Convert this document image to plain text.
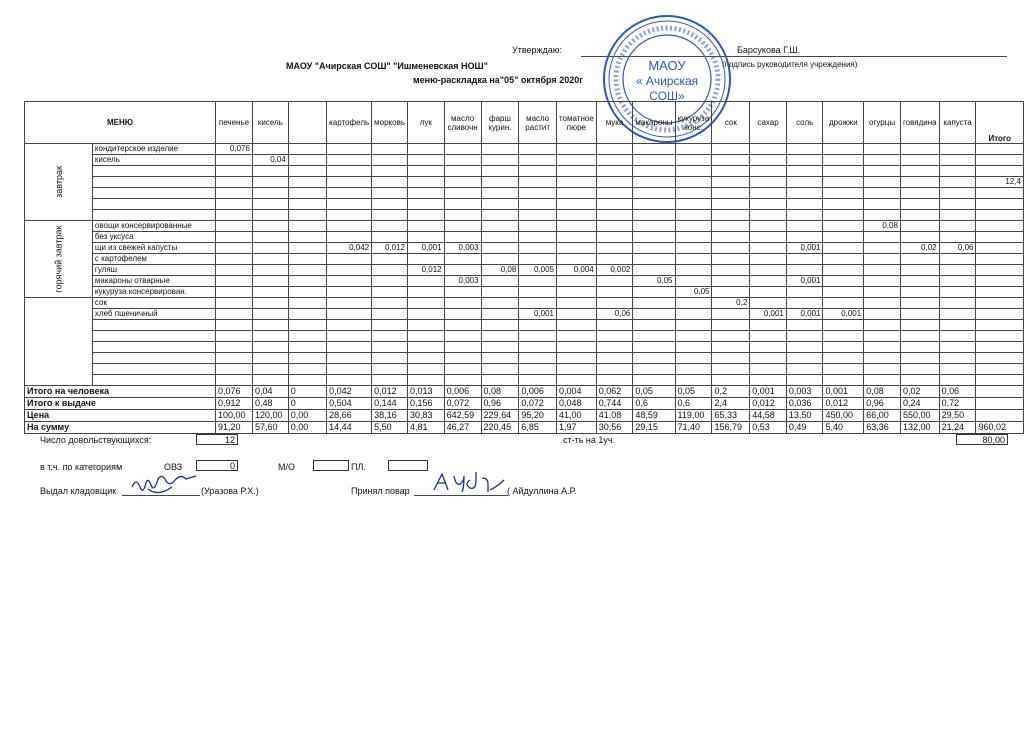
Утверждаю:	Барсукова Г.Ш.
(подпись руководителя учреждения)
МАОУ "Ачирская СОШ" "Ишменевская НОШ"
меню-раскладка на"05" октября 2020г
МАОУ
« Ачирская
СОШ»
МЕНЮ		печенье	кисель		картофель	морковь	лук	масло сливочн	фарш курин.	масло растит	томатное пюре	мука	макароны	кукуруза конс.	сок	сахар	соль	дрожжи	огурцы	говядина	капуста	Итого
завтрак	кондитерское изделие	0,076																				
	кисель		0.04																			

																						12,4

горячий завтрак	овощи консервированные																		0,08			
	без уксуса																					
	щи из свежей капусты				0,042	0,012	0,001	0,003									0,001			0,02	0,06	
	с картофелем																					
	гуляш						0,012		0,08	0,005	0,004	0,002										
	макароны отварные							0,003					0,05				0,001					
	кукуруза консервирован.													0,05								
	сок														0,2							
	хлеб пшеничный									0,001		0,06				0,001	0,001	0,001				

Итого на человека		0,076	0,04	0	0,042	0,012	0,013	0,006	0,08	0,006	0,004	0,062	0,05	0,05	0,2	0,001	0,003	0,001	0,08	0,02	0,06	
Итого к выдаче		0,912	0,48	0	0,504	0,144	0,156	0,072	0,96	0,072	0,048	0,744	0,6	0,6	2,4	0,012	0,036	0,012	0,96	0,24	0,72	
Цена		100,00	120,00	0,00	28,66	38,16	30,83	642,59	229,64	95,20	41,00	41,08	48,59	119,00	65,33	44,58	13,50	450,00	66,00	550,00	29,50	
На сумму		91,20	57,60	0,00	14,44	5,50	4,81	46,27	220,45	6,85	1,97	30,56	29,15	71,40	156,79	0,53	0,49	5,40	63,36	132,00	21,24	960,02
Число довольствующихся:	12	ст-ть на 1уч.	80,00
в т.ч. по категориям	ОВЗ	0	М/О	ПЛ.
Выдал кладовщик	(Уразова Р.Х.)	Принял повар	( Айдуллина А.Р.
